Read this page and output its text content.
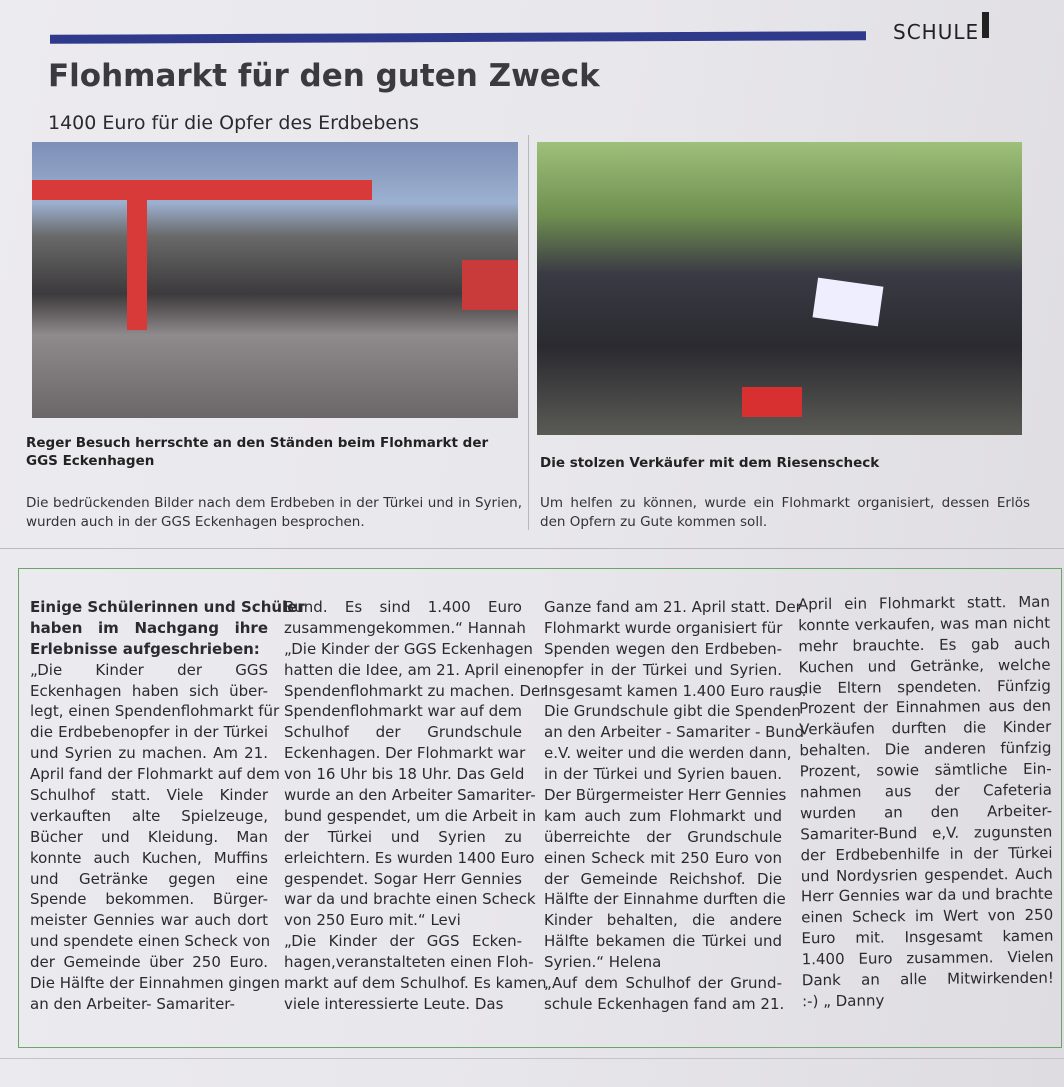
SCHULE
Flohmarkt für den guten Zweck
1400 Euro für die Opfer des Erdbebens
Reger Besuch herrschte an den Ständen beim Flohmarkt der GGS Eckenhagen	Die stolzen Verkäufer mit dem Riesenscheck
Die bedrückenden Bilder nach dem Erdbeben in der Türkei und in Syrien, wurden auch in der GGS Eckenhagen besprochen.
Um helfen zu können, wurde ein Flohmarkt organisiert, dessen Erlös den Opfern zu Gute kommen soll.
Einige Schülerinnen und Schüler
haben im Nachgang ihre
Erlebnisse aufgeschrieben:
„Die Kinder der GGS
Eckenhagen haben sich über-
legt, einen Spendenflohmarkt für
die Erdbebenopfer in der Türkei
und Syrien zu machen. Am 21.
April fand der Flohmarkt auf dem
Schulhof statt. Viele Kinder
verkauften alte Spielzeuge,
Bücher und Kleidung. Man
konnte auch Kuchen, Muffins
und Getränke gegen eine
Spende bekommen. Bürger-
meister Gennies war auch dort
und spendete einen Scheck von
der Gemeinde über 250 Euro.
Die Hälfte der Einnahmen gingen
an den Arbeiter- Samariter-
Bund. Es sind 1.400 Euro
zusammengekommen.“ Hannah
„Die Kinder der GGS Eckenhagen
hatten die Idee, am 21. April einen
Spendenflohmarkt zu machen. Der
Spendenflohmarkt war auf dem
Schulhof der Grundschule
Eckenhagen. Der Flohmarkt war
von 16 Uhr bis 18 Uhr. Das Geld
wurde an den Arbeiter Samariter-
bund gespendet, um die Arbeit in
der Türkei und Syrien zu
erleichtern. Es wurden 1400 Euro
gespendet. Sogar Herr Gennies
war da und brachte einen Scheck
von 250 Euro mit.“ Levi
„Die Kinder der GGS Ecken-
hagen,veranstalteten einen Floh-
markt auf dem Schulhof. Es kamen
viele interessierte Leute. Das
Ganze fand am 21. April statt. Der
Flohmarkt wurde organisiert für
Spenden wegen den Erdbeben-
opfer in der Türkei und Syrien.
Insgesamt kamen 1.400 Euro raus.
Die Grundschule gibt die Spenden
an den Arbeiter - Samariter - Bund
e.V. weiter und die werden dann,
in der Türkei und Syrien bauen.
Der Bürgermeister Herr Gennies
kam auch zum Flohmarkt und
überreichte der Grundschule
einen Scheck mit 250 Euro von
der Gemeinde Reichshof. Die
Hälfte der Einnahme durften die
Kinder behalten, die andere
Hälfte bekamen die Türkei und
Syrien.“ Helena
„Auf dem Schulhof der Grund-
schule Eckenhagen fand am 21.
April ein Flohmarkt statt. Man
konnte verkaufen, was man nicht
mehr brauchte. Es gab auch
Kuchen und Getränke, welche
die Eltern spendeten. Fünfzig
Prozent der Einnahmen aus den
Verkäufen durften die Kinder
behalten. Die anderen fünfzig
Prozent, sowie sämtliche Ein-
nahmen aus der Cafeteria
wurden an den Arbeiter-
Samariter-Bund e,V. zugunsten
der Erdbebenhilfe in der Türkei
und Nordysrien gespendet. Auch
Herr Gennies war da und brachte
einen Scheck im Wert von 250
Euro mit. Insgesamt kamen
1.400 Euro zusammen. Vielen
Dank an alle Mitwirkenden!
:-) „ Danny
